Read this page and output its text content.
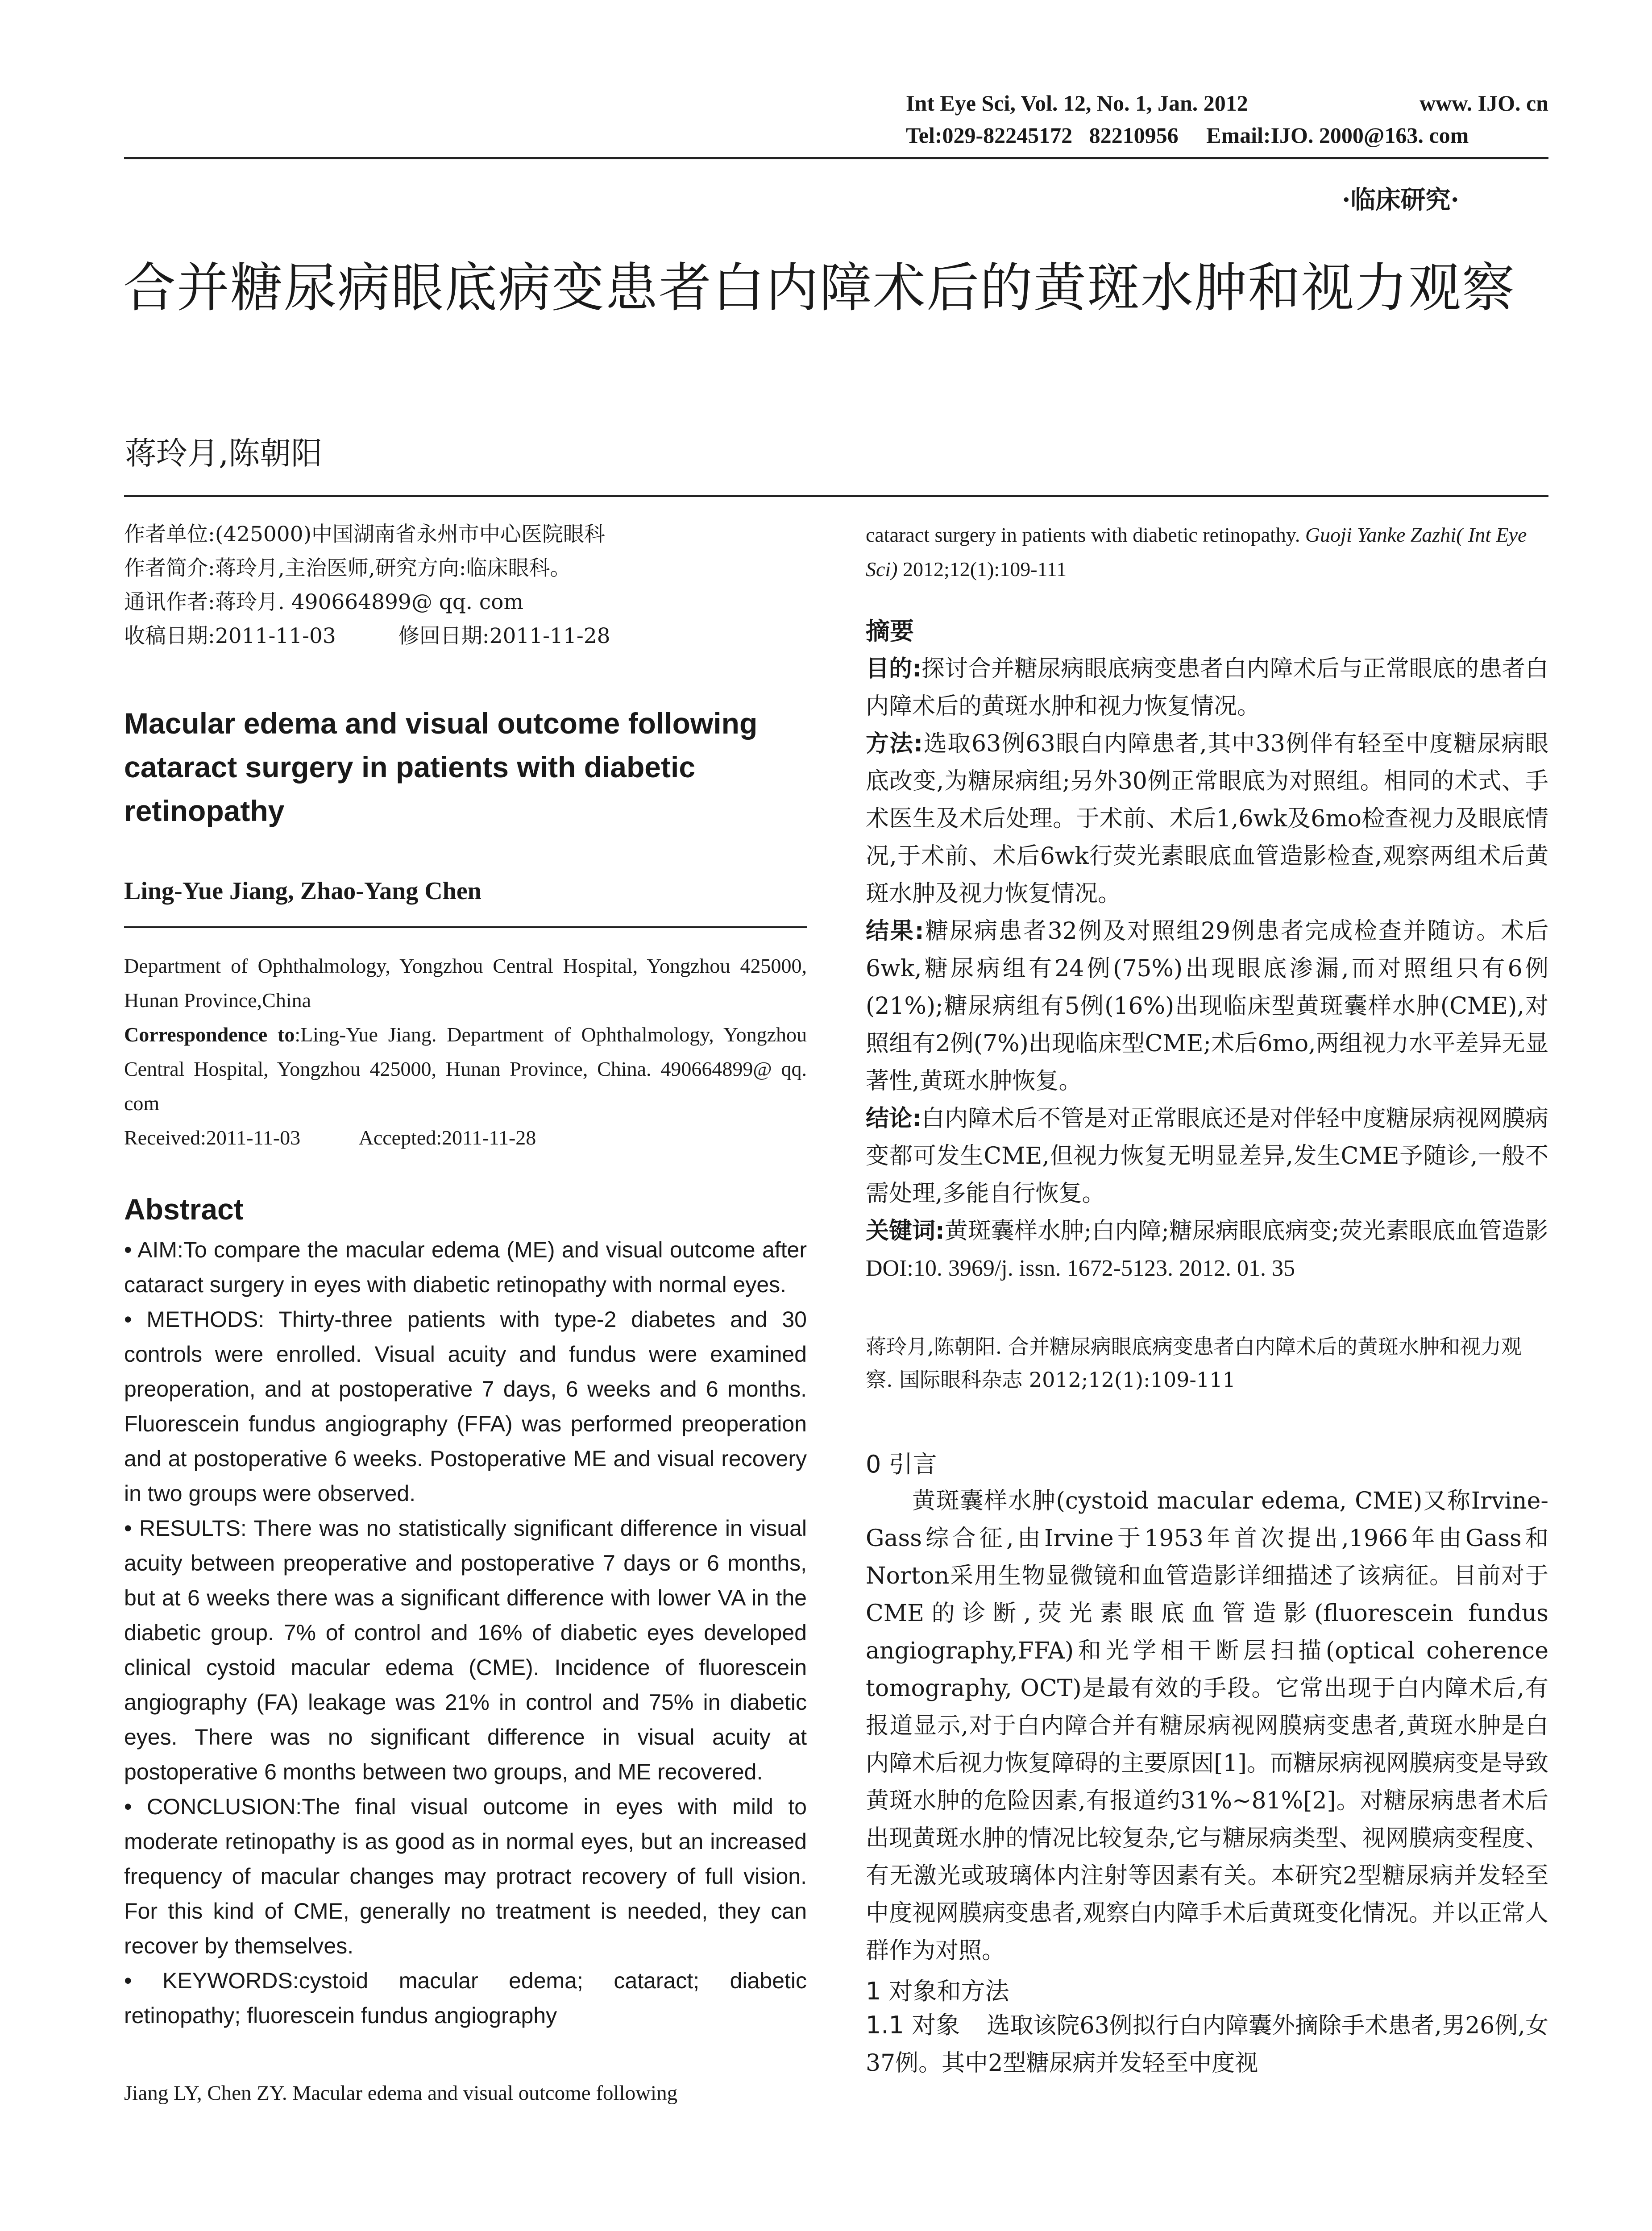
Int Eye Sci, Vol. 12, No. 1, Jan. 2012	www. IJO. cn
Tel:029-82245172   82210956     Email:IJO. 2000@163. com
·临床研究·
合并糖尿病眼底病变患者白内障术后的黄斑水肿和视力观察
蒋玲月,陈朝阳
作者单位:(425000)中国湖南省永州市中心医院眼科
作者简介:蒋玲月,主治医师,研究方向:临床眼科。
通讯作者:蒋玲月. 490664899@ qq. com
收稿日期:2011-11-03	修回日期:2011-11-28
Macular edema and visual outcome following cataract surgery in patients with diabetic retinopathy
Ling-Yue Jiang, Zhao-Yang Chen
Department of Ophthalmology, Yongzhou Central Hospital, Yongzhou 425000, Hunan Province,China
Correspondence to:Ling-Yue Jiang. Department of Ophthalmology, Yongzhou Central Hospital, Yongzhou 425000, Hunan Province, China. 490664899@ qq. com
Received:2011-11-03	Accepted:2011-11-28
Abstract

• AIM:To compare the macular edema (ME) and visual outcome after cataract surgery in eyes with diabetic retinopathy with normal eyes.

• METHODS: Thirty-three patients with type-2 diabetes and 30 controls were enrolled. Visual acuity and fundus were examined preoperation, and at postoperative 7 days, 6 weeks and 6 months. Fluorescein fundus angiography (FFA) was performed preoperation and at postoperative 6 weeks. Postoperative ME and visual recovery in two groups were observed.

• RESULTS: There was no statistically significant difference in visual acuity between preoperative and postoperative 7 days or 6 months, but at 6 weeks there was a significant difference with lower VA in the diabetic group. 7% of control and 16% of diabetic eyes developed clinical cystoid macular edema (CME). Incidence of fluorescein angiography (FA) leakage was 21% in control and 75% in diabetic eyes. There was no significant difference in visual acuity at postoperative 6 months between two groups, and ME recovered.

• CONCLUSION:The final visual outcome in eyes with mild to moderate retinopathy is as good as in normal eyes, but an increased frequency of macular changes may protract recovery of full vision. For this kind of CME, generally no treatment is needed, they can recover by themselves.

• KEYWORDS:cystoid macular edema; cataract; diabetic retinopathy; fluorescein fundus angiography

Jiang LY, Chen ZY. Macular edema and visual outcome following
cataract surgery in patients with diabetic retinopathy. Guoji Yanke Zazhi( Int Eye Sci) 2012;12(1):109-111
摘要

目的:探讨合并糖尿病眼底病变患者白内障术后与正常眼底的患者白内障术后的黄斑水肿和视力恢复情况。

方法:选取63例63眼白内障患者,其中33例伴有轻至中度糖尿病眼底改变,为糖尿病组;另外30例正常眼底为对照组。相同的术式、手术医生及术后处理。于术前、术后1,6wk及6mo检查视力及眼底情况,于术前、术后6wk行荧光素眼底血管造影检查,观察两组术后黄斑水肿及视力恢复情况。

结果:糖尿病患者32例及对照组29例患者完成检查并随访。术后6wk,糖尿病组有24例(75%)出现眼底渗漏,而对照组只有6例(21%);糖尿病组有5例(16%)出现临床型黄斑囊样水肿(CME),对照组有2例(7%)出现临床型CME;术后6mo,两组视力水平差异无显著性,黄斑水肿恢复。

结论:白内障术后不管是对正常眼底还是对伴轻中度糖尿病视网膜病变都可发生CME,但视力恢复无明显差异,发生CME予随诊,一般不需处理,多能自行恢复。

关键词:黄斑囊样水肿;白内障;糖尿病眼底病变;荧光素眼底血管造影

DOI:10. 3969/j. issn. 1672-5123. 2012. 01. 35

蒋玲月,陈朝阳. 合并糖尿病眼底病变患者白内障术后的黄斑水肿和视力观察. 国际眼科杂志 2012;12(1):109-111
0 引言

黄斑囊样水肿(cystoid macular edema, CME)又称Irvine-Gass综合征,由Irvine于1953年首次提出,1966年由Gass和Norton采用生物显微镜和血管造影详细描述了该病征。目前对于CME的诊断,荧光素眼底血管造影(fluorescein fundus angiography,FFA)和光学相干断层扫描(optical coherence tomography, OCT)是最有效的手段。它常出现于白内障术后,有报道显示,对于白内障合并有糖尿病视网膜病变患者,黄斑水肿是白内障术后视力恢复障碍的主要原因[1]。而糖尿病视网膜病变是导致黄斑水肿的危险因素,有报道约31%~81%[2]。对糖尿病患者术后出现黄斑水肿的情况比较复杂,它与糖尿病类型、视网膜病变程度、有无激光或玻璃体内注射等因素有关。本研究2型糖尿病并发轻至中度视网膜病变患者,观察白内障手术后黄斑变化情况。并以正常人群作为对照。

1 对象和方法

1.1 对象 选取该院63例拟行白内障囊外摘除手术患者,男26例,女37例。其中2型糖尿病并发轻至中度视
